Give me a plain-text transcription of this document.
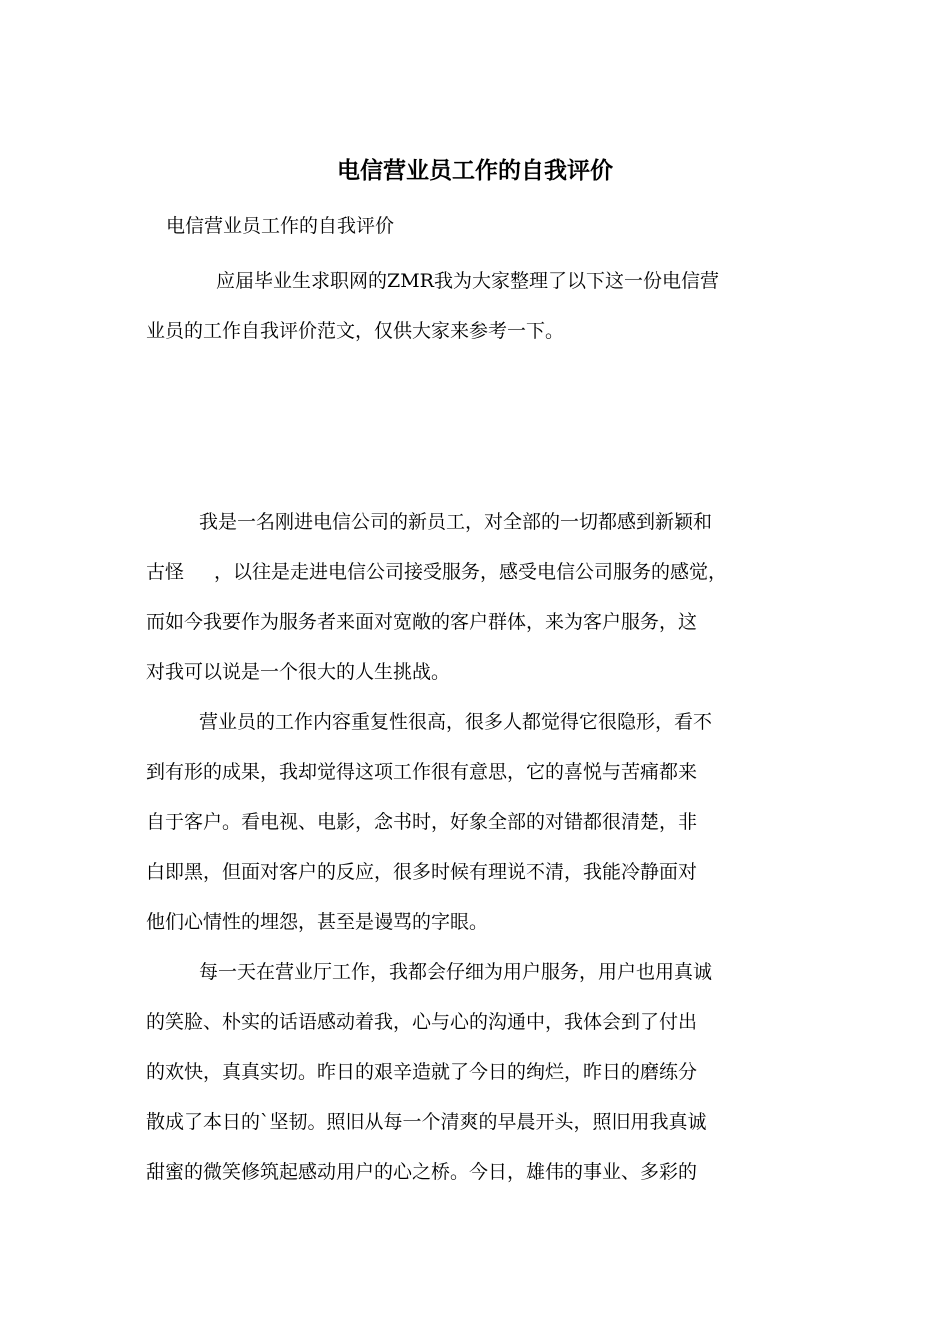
电信营业员工作的自我评价

电信营业员工作的自我评价

应届毕业生求职网的ZMR我为大家整理了以下这一份电信营
业员的工作自我评价范文，仅供大家来参考一下。
我是一名刚进电信公司的新员工，对全部的一切都感到新颖和
古怪 ，以往是走进电信公司接受服务，感受电信公司服务的感觉，
而如今我要作为服务者来面对宽敞的客户群体，来为客户服务，这
对我可以说是一个很大的人生挑战。
营业员的工作内容重复性很高，很多人都觉得它很隐形，看不
到有形的成果，我却觉得这项工作很有意思，它的喜悦与苦痛都来
自于客户。看电视、电影，念书时，好象全部的对错都很清楚，非
白即黑，但面对客户的反应，很多时候有理说不清，我能冷静面对
他们心情性的埋怨，甚至是谩骂的字眼。
每一天在营业厅工作，我都会仔细为用户服务，用户也用真诚
的笑脸、朴实的话语感动着我，心与心的沟通中，我体会到了付出
的欢快，真真实切。昨日的艰辛造就了今日的绚烂，昨日的磨练分
散成了本日的`坚韧。照旧从每一个清爽的早晨开头，照旧用我真诚
甜蜜的微笑修筑起感动用户的心之桥。今日，雄伟的事业、多彩的
